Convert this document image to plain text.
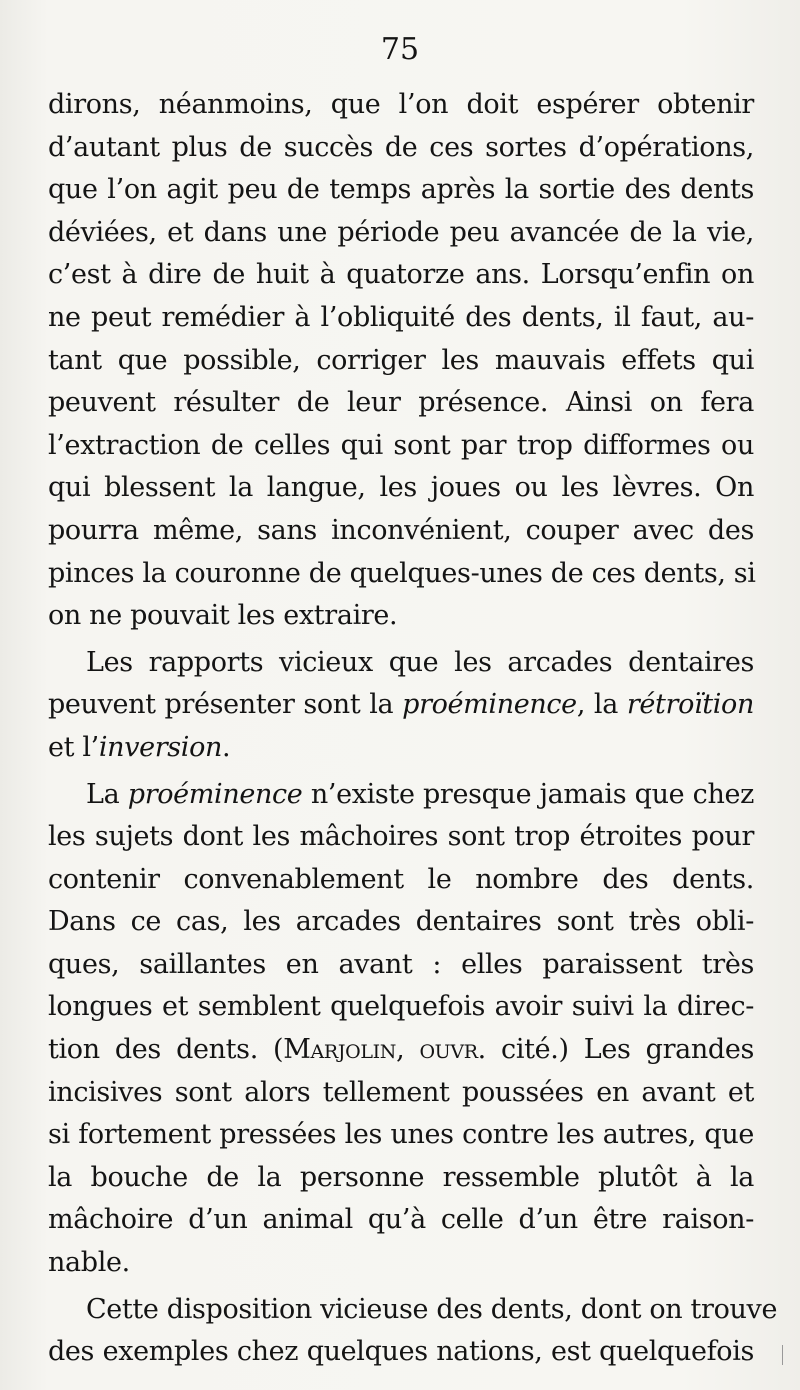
75
dirons, néanmoins, que l’on doit espérer obtenir
d’autant plus de succès de ces sortes d’opérations,
que l’on agit peu de temps après la sortie des dents
déviées, et dans une période peu avancée de la vie,
c’est à dire de huit à quatorze ans. Lorsqu’enfin on
ne peut remédier à l’obliquité des dents, il faut, au-
tant que possible, corriger les mauvais effets qui
peuvent résulter de leur présence. Ainsi on fera
l’extraction de celles qui sont par trop difformes ou
qui blessent la langue, les joues ou les lèvres. On
pourra même, sans inconvénient, couper avec des
pinces la couronne de quelques-unes de ces dents, si
on ne pouvait les extraire.
Les rapports vicieux que les arcades dentaires
peuvent présenter sont la proéminence, la rétroïtion
et l’inversion.
La proéminence n’existe presque jamais que chez
les sujets dont les mâchoires sont trop étroites pour
contenir convenablement le nombre des dents.
Dans ce cas, les arcades dentaires sont très obli-
ques, saillantes en avant : elles paraissent très
longues et semblent quelquefois avoir suivi la direc-
tion des dents. (Marjolin, ouvr. cité.) Les grandes
incisives sont alors tellement poussées en avant et
si fortement pressées les unes contre les autres, que
la bouche de la personne ressemble plutôt à la
mâchoire d’un animal qu’à celle d’un être raison-
nable.
Cette disposition vicieuse des dents, dont on trouve
des exemples chez quelques nations, est quelquefois
